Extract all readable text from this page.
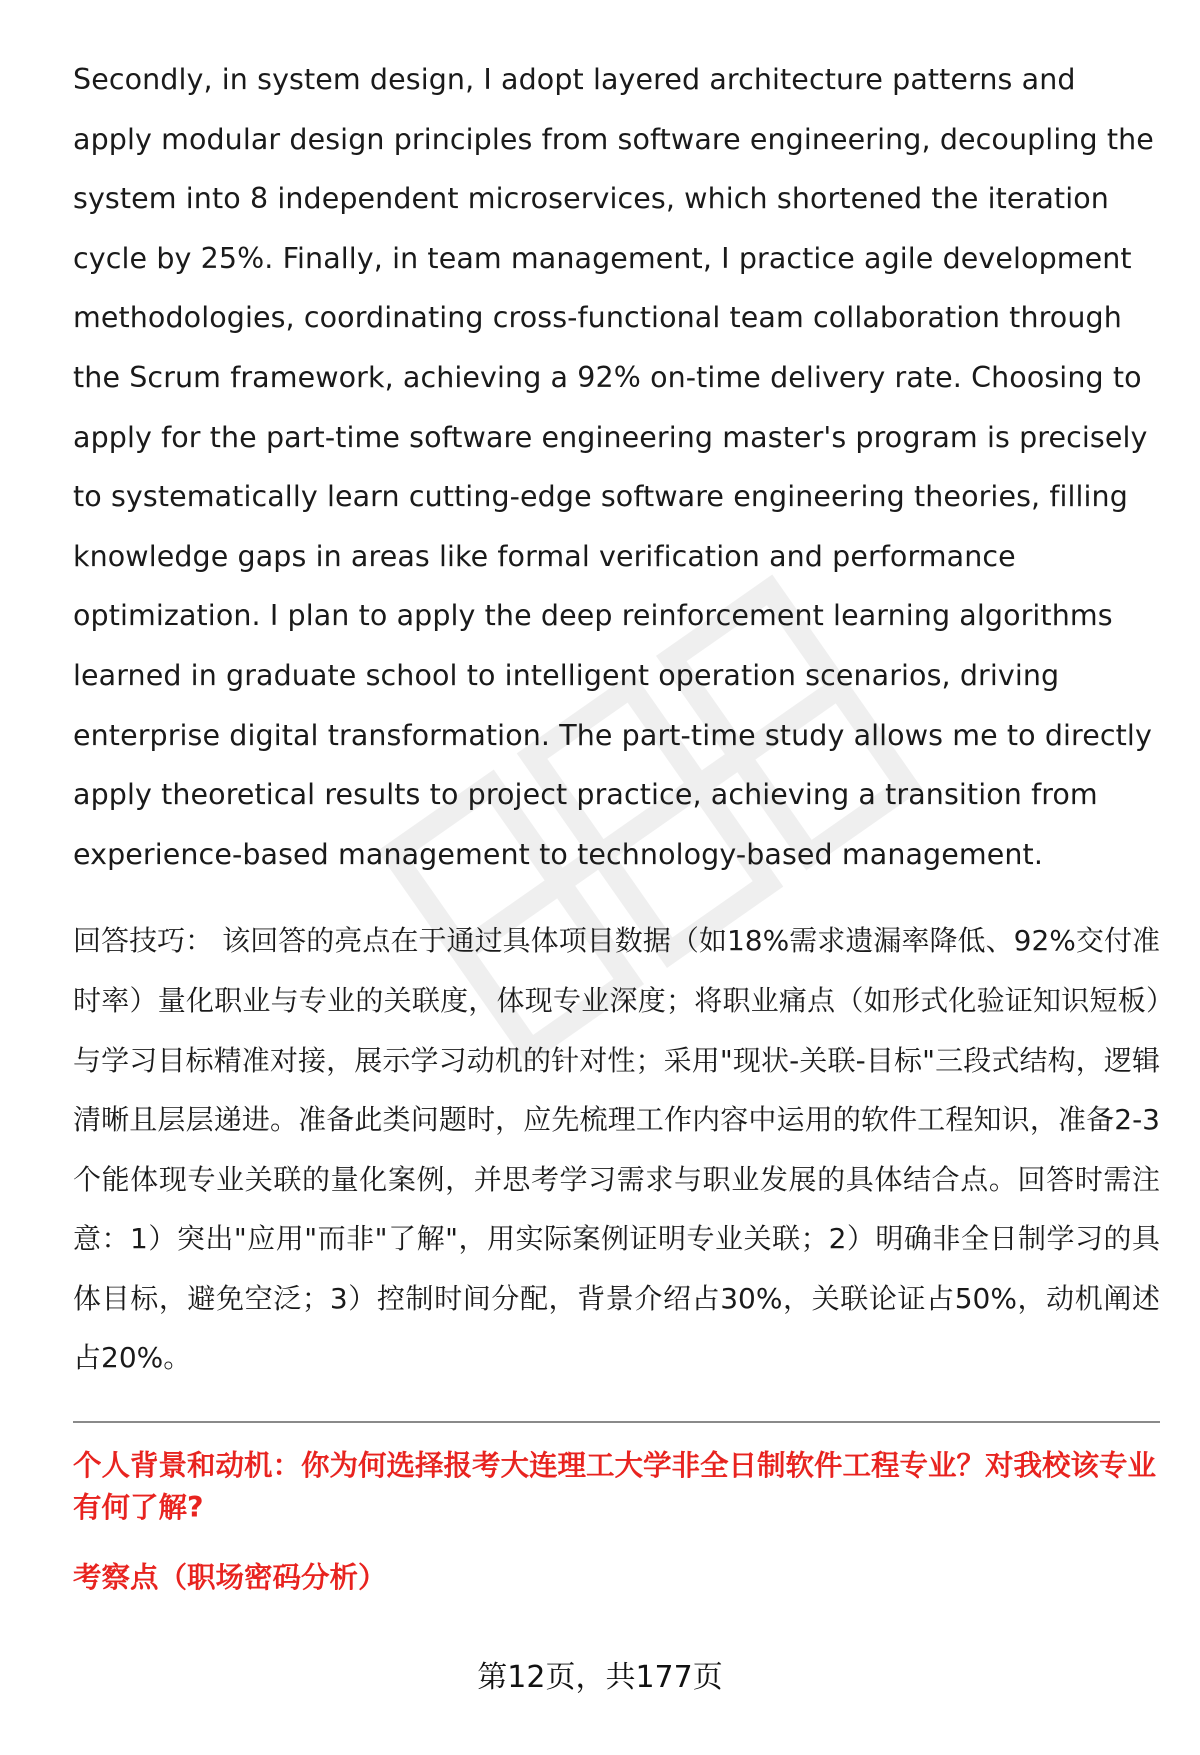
Secondly, in system design, I adopt layered architecture patterns and apply modular design principles from software engineering, decoupling the system into 8 independent microservices, which shortened the iteration cycle by 25%. Finally, in team management, I practice agile development methodologies, coordinating cross-functional team collaboration through the Scrum framework, achieving a 92% on-time delivery rate. Choosing to apply for the part-time software engineering master's program is precisely to systematically learn cutting-edge software engineering theories, filling knowledge gaps in areas like formal verification and performance optimization. I plan to apply the deep reinforcement learning algorithms learned in graduate school to intelligent operation scenarios, driving enterprise digital transformation. The part-time study allows me to directly apply theoretical results to project practice, achieving a transition from experience-based management to technology-based management.

回答技巧： 该回答的亮点在于通过具体项目数据（如18%需求遗漏率降低、92%交付准时率）量化职业与专业的关联度，体现专业深度；将职业痛点（如形式化验证知识短板）与学习目标精准对接，展示学习动机的针对性；采用"现状-关联-目标"三段式结构，逻辑清晰且层层递进。准备此类问题时，应先梳理工作内容中运用的软件工程知识，准备2-3个能体现专业关联的量化案例，并思考学习需求与职业发展的具体结合点。回答时需注意：1）突出"应用"而非"了解"，用实际案例证明专业关联；2）明确非全日制学习的具体目标，避免空泛；3）控制时间分配，背景介绍占30%，关联论证占50%，动机阐述占20%。

个人背景和动机：你为何选择报考大连理工大学非全日制软件工程专业？对我校该专业有何了解?

考察点（职场密码分析）

第12页，共177页
